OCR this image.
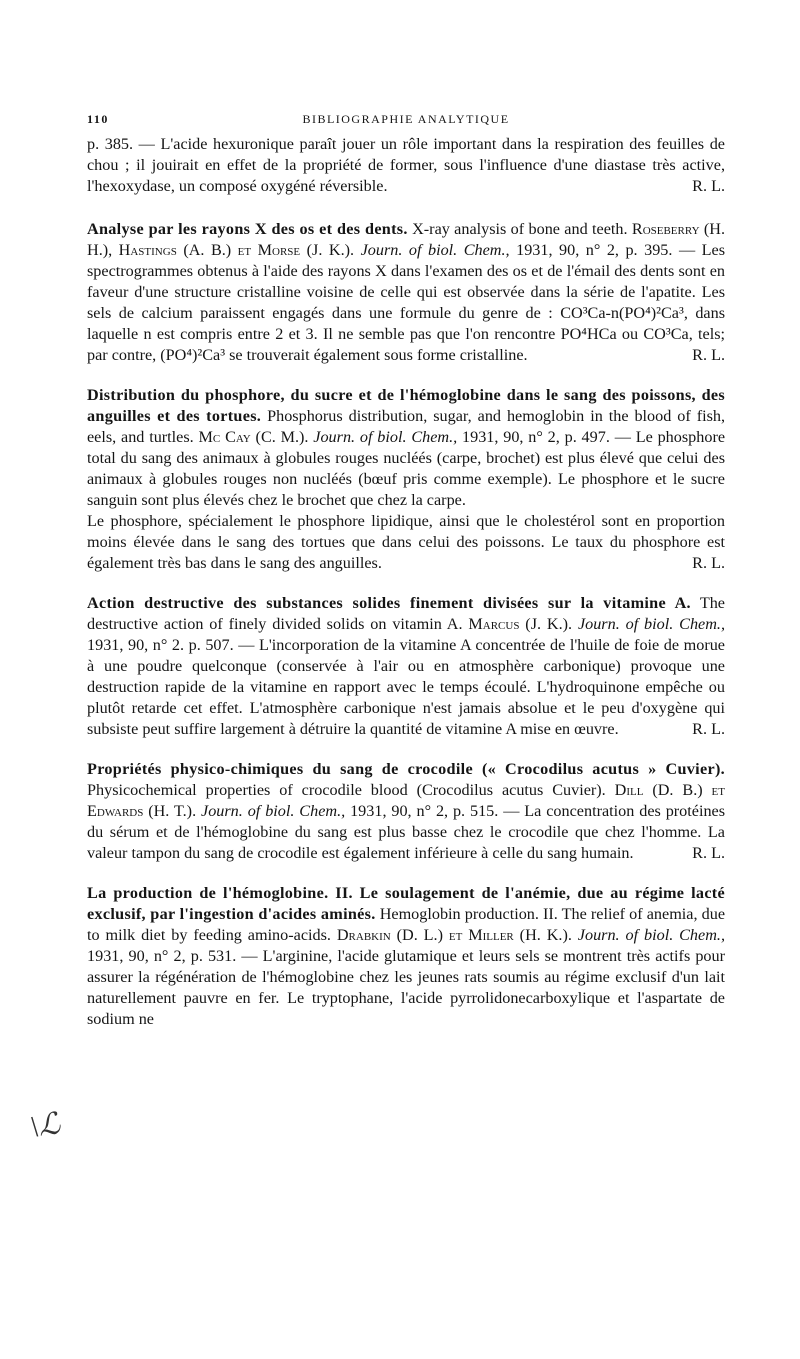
110	BIBLIOGRAPHIE ANALYTIQUE

p. 385. — L'acide hexuronique paraît jouer un rôle important dans la respiration des feuilles de chou ; il jouirait en effet de la propriété de former, sous l'influence d'une diastase très active, l'hexoxydase, un composé oxygéné réversible.	R. L.

Analyse par les rayons X des os et des dents. X-ray analysis of bone and teeth. Roseberry (H. H.), Hastings (A. B.) et Morse (J. K.). Journ. of biol. Chem., 1931, 90, n° 2, p. 395. — Les spectrogrammes obtenus à l'aide des rayons X dans l'examen des os et de l'émail des dents sont en faveur d'une structure cristalline voisine de celle qui est observée dans la série de l'apatite. Les sels de calcium paraissent engagés dans une formule du genre de : CO³Ca-n(PO⁴)²Ca³, dans laquelle n est compris entre 2 et 3. Il ne semble pas que l'on rencontre PO⁴HCa ou CO³Ca, tels; par contre, (PO⁴)²Ca³ se trouverait également sous forme cristalline.	R. L.

Distribution du phosphore, du sucre et de l'hémoglobine dans le sang des poissons, des anguilles et des tortues. Phosphorus distribution, sugar, and hemoglobin in the blood of fish, eels, and turtles. Mc Cay (C. M.). Journ. of biol. Chem., 1931, 90, n° 2, p. 497. — Le phosphore total du sang des animaux à globules rouges nucléés (carpe, brochet) est plus élevé que celui des animaux à globules rouges non nucléés (bœuf pris comme exemple). Le phosphore et le sucre sanguin sont plus élevés chez le brochet que chez la carpe.

Le phosphore, spécialement le phosphore lipidique, ainsi que le cholestérol sont en proportion moins élevée dans le sang des tortues que dans celui des poissons. Le taux du phosphore est également très bas dans le sang des anguilles.	R. L.

Action destructive des substances solides finement divisées sur la vitamine A. The destructive action of finely divided solids on vitamin A. Marcus (J. K.). Journ. of biol. Chem., 1931, 90, n° 2. p. 507. — L'incorporation de la vitamine A concentrée de l'huile de foie de morue à une poudre quelconque (conservée à l'air ou en atmosphère carbonique) provoque une destruction rapide de la vitamine en rapport avec le temps écoulé. L'hydroquinone empêche ou plutôt retarde cet effet. L'atmosphère carbonique n'est jamais absolue et le peu d'oxygène qui subsiste peut suffire largement à détruire la quantité de vitamine A mise en œuvre.	R. L.

Propriétés physico-chimiques du sang de crocodile (« Crocodilus acutus » Cuvier). Physicochemical properties of crocodile blood (Crocodilus acutus Cuvier). Dill (D. B.) et Edwards (H. T.). Journ. of biol. Chem., 1931, 90, n° 2, p. 515. — La concentration des protéines du sérum et de l'hémoglobine du sang est plus basse chez le crocodile que chez l'homme. La valeur tampon du sang de crocodile est également inférieure à celle du sang humain.	R. L.

La production de l'hémoglobine. II. Le soulagement de l'anémie, due au régime lacté exclusif, par l'ingestion d'acides aminés. Hemoglobin production. II. The relief of anemia, due to milk diet by feeding amino-acids. Drabkin (D. L.) et Miller (H. K.). Journ. of biol. Chem., 1931, 90, n° 2, p. 531. — L'arginine, l'acide glutamique et leurs sels se montrent très actifs pour assurer la régénération de l'hémoglobine chez les jeunes rats soumis au régime exclusif d'un lait naturellement pauvre en fer. Le tryptophane, l'acide pyrrolidonecarboxylique et l'aspartate de sodium ne

\ℒ
